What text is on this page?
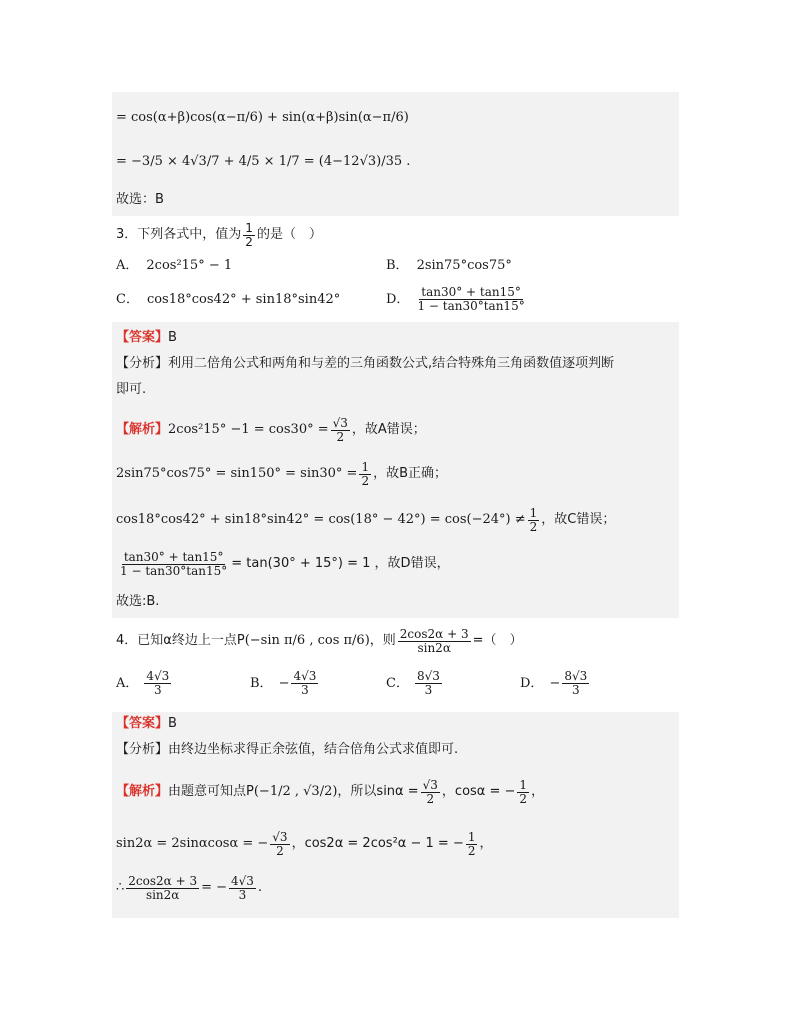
= cos(α+β)cos(α−π/6) + sin(α+β)sin(α−π/6)
= −3/5 × 4√3/7 + 4/5 × 1/7 = (4−12√3)/35 .
故选：B
3． 下列各式中，值为 $\frac{1}{2}$ 的是（　）
A． 2cos²15° − 1	B． 2sin75°cos75°
C． cos18°cos42° + sin18°sin42°	D． $\frac{\tan 30^\circ + \tan 15^\circ}{1 - \tan 30^\circ\tan 15^\circ}$
【答案】 B
【分析】 利用二倍角公式和两角和与差的三角函数公式,结合特殊角三角函数值逐项判断
即可.
【解析】 $2\cos^215^\circ -1 = \cos 30^\circ = \frac{√3}{2}$ ，故A错误；
$2\sin 75^\circ\cos 75^\circ = \sin 150^\circ = \sin 30^\circ = \frac{1}{2}$ ，故B正确；
$\cos 18^\circ\cos 42^\circ + \sin 18^\circ\sin 42^\circ = \cos(18^\circ - 42^\circ) = \cos(-24^\circ) \ne \frac{1}{2}$ ，故C错误；
$\frac{\tan 30^\circ + \tan 15^\circ}{1 - \tan 30^\circ\tan 15^\circ} = \tan(30^\circ + 15^\circ) = 1$ ，故D错误，
故选:B.
4． 已知α终边上一点P (−sin π/6 , cos π/6) ，则 $\frac{2\cos 2\alpha + 3}{\sin 2\alpha}$ =（　）
A． $\frac{4√3}{3}$	B． − $\frac{4√3}{3}$	C． $\frac{8√3}{3}$	D． − $\frac{8√3}{3}$
【答案】 B
【分析】 由终边坐标求得正余弦值，结合倍角公式求值即可.
【解析】 由题意可知点P (−1/2 , √3/2) ，所以$\sin\alpha = \frac{√3}{2}$ ，cosα = − $\frac{1}{2}$ ，
sin2α = 2sinαcosα = − $\frac{√3}{2}$ ，cos2α = 2cos²α − 1 = − $\frac{1}{2}$ ，
∴ $\frac{2\cos 2\alpha + 3}{\sin 2\alpha}$ = − $\frac{4√3}{3}$ .
